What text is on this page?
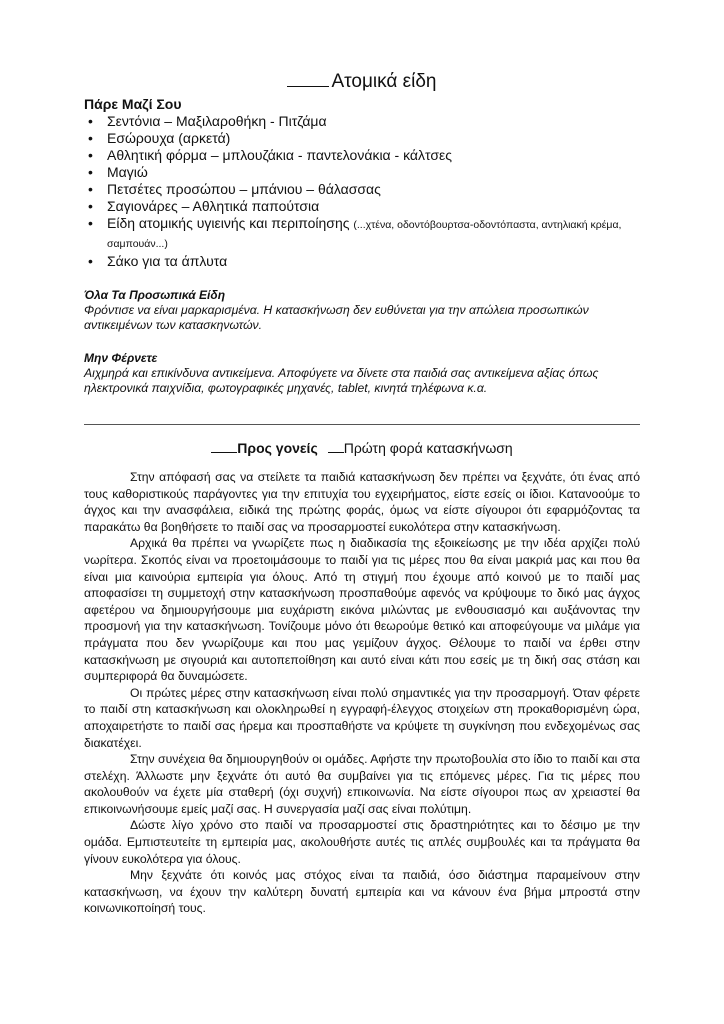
Ατομικά είδη
Πάρε Μαζί Σου
• Σεντόνια – Μαξιλαροθήκη - Πιτζάμα
• Εσώρουχα (αρκετά)
• Αθλητική φόρμα – μπλουζάκια - παντελονάκια - κάλτσες
• Μαγιώ
• Πετσέτες προσώπου – μπάνιου – θάλασσας
• Σαγιονάρες – Αθλητικά παπούτσια
• Είδη ατομικής υγιεινής και περιποίησης (...χτένα, οδοντόβουρτσα-οδοντόπαστα, αντηλιακή κρέμα, σαμπουάν...)
• Σάκο για τα άπλυτα
Όλα Τα Προσωπικά Είδη
Φρόντισε να είναι μαρκαρισμένα. Η κατασκήνωση δεν ευθύνεται για την απώλεια προσωπικών αντικειμένων των κατασκηνωτών.
Μην Φέρνετε
Αιχμηρά και επικίνδυνα αντικείμενα. Αποφύγετε να δίνετε στα παιδιά σας αντικείμενα αξίας όπως ηλεκτρονικά παιχνίδια, φωτογραφικές μηχανές, tablet, κινητά τηλέφωνα κ.α.
Προς γονείς Πρώτη φορά κατασκήνωση

Στην απόφασή σας να στείλετε τα παιδιά κατασκήνωση δεν πρέπει να ξεχνάτε, ότι ένας από τους καθοριστικούς παράγοντες για την επιτυχία του εγχειρήματος, είστε εσείς οι ίδιοι. Κατανοούμε το άγχος και την ανασφάλεια, ειδικά της πρώτης φοράς, όμως να είστε σίγουροι ότι εφαρμόζοντας τα παρακάτω θα βοηθήσετε το παιδί σας να προσαρμοστεί ευκολότερα στην κατασκήνωση.

Αρχικά θα πρέπει να γνωρίζετε πως η διαδικασία της εξοικείωσης με την ιδέα αρχίζει πολύ νωρίτερα. Σκοπός είναι να προετοιμάσουμε το παιδί για τις μέρες που θα είναι μακριά μας και που θα είναι μια καινούρια εμπειρία για όλους. Από τη στιγμή που έχουμε από κοινού με το παιδί μας αποφασίσει τη συμμετοχή στην κατασκήνωση προσπαθούμε αφενός να κρύψουμε το δικό μας άγχος αφετέρου να δημιουργήσουμε μια ευχάριστη εικόνα μιλώντας με ενθουσιασμό και αυξάνοντας την προσμονή για την κατασκήνωση. Τονίζουμε μόνο ότι θεωρούμε θετικό και αποφεύγουμε να μιλάμε για πράγματα που δεν γνωρίζουμε και που μας γεμίζουν άγχος. Θέλουμε το παιδί να έρθει στην κατασκήνωση με σιγουριά και αυτοπεποίθηση και αυτό είναι κάτι που εσείς με τη δική σας στάση και συμπεριφορά θα δυναμώσετε.

Οι πρώτες μέρες στην κατασκήνωση είναι πολύ σημαντικές για την προσαρμογή. Όταν φέρετε το παιδί στη κατασκήνωση και ολοκληρωθεί η εγγραφή-έλεγχος στοιχείων στη προκαθορισμένη ώρα, αποχαιρετήστε το παιδί σας ήρεμα και προσπαθήστε να κρύψετε τη συγκίνηση που ενδεχομένως σας διακατέχει.

Στην συνέχεια θα δημιουργηθούν οι ομάδες. Αφήστε την πρωτοβουλία στο ίδιο το παιδί και στα στελέχη. Άλλωστε μην ξεχνάτε ότι αυτό θα συμβαίνει για τις επόμενες μέρες. Για τις μέρες που ακολουθούν να έχετε μία σταθερή (όχι συχνή) επικοινωνία. Να είστε σίγουροι πως αν χρειαστεί θα επικοινωνήσουμε εμείς μαζί σας. Η συνεργασία μαζί σας είναι πολύτιμη.

Δώστε λίγο χρόνο στο παιδί να προσαρμοστεί στις δραστηριότητες και το δέσιμο με την ομάδα. Εμπιστευτείτε τη εμπειρία μας, ακολουθήστε αυτές τις απλές συμβουλές και τα πράγματα θα γίνουν ευκολότερα για όλους.

Μην ξεχνάτε ότι κοινός μας στόχος είναι τα παιδιά, όσο διάστημα παραμείνουν στην κατασκήνωση, να έχουν την καλύτερη δυνατή εμπειρία και να κάνουν ένα βήμα μπροστά στην κοινωνικοποίησή τους.
